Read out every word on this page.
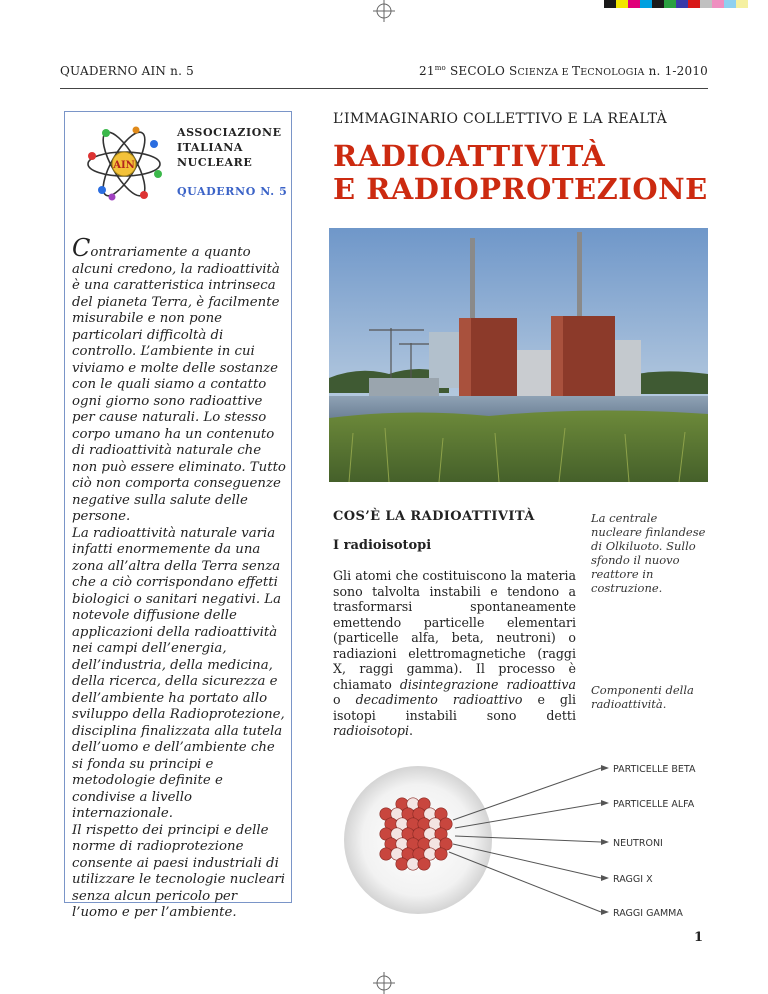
QUADERNO AIN n. 5	$21^{mo}$ SECOLO SCIENZA E TECNOLOGIA n. 1-2010
AIN
ASSOCIAZIONE
ITALIANA
NUCLEARE
QUADERNO N. 5
Contrariamente a quanto alcuni credono, la radioattività è una caratteristica intrinseca del pianeta Terra, è facilmente misurabile e non pone particolari difficoltà di controllo. L’ambiente in cui viviamo e molte delle sostanze con le quali siamo a contatto ogni giorno sono radioattive per cause naturali. Lo stesso corpo umano ha un contenuto di radioattività naturale che non può essere eliminato. Tutto ciò non comporta conseguenze negative sulla salute delle persone.
La radioattività naturale varia infatti enormemente da una zona all’altra della Terra senza che a ciò corrispondano effetti biologici o sanitari negativi. La notevole diffusione delle applicazioni della radioattività nei campi dell’energia, dell’industria, della medicina, della ricerca, della sicurezza e dell’ambiente ha portato allo sviluppo della Radioprotezione, disciplina finalizzata alla tutela dell’uomo e dell’ambiente che si fonda su principi e metodologie definite e condivise a livello internazionale.
Il rispetto dei principi e delle norme di radioprotezione consente ai paesi industriali di utilizzare le tecnologie nucleari senza alcun pericolo per l’uomo e per l’ambiente.
L’IMMAGINARIO COLLETTIVO E LA REALTÀ
RADIOATTIVITÀ
E RADIOPROTEZIONE
COS’È LA RADIOATTIVITÀ
I radioisotopi
Gli atomi che costituiscono la materia sono talvolta instabili e tendono a trasformarsi spontaneamente emettendo particelle elementari (particelle alfa, beta, neutroni) o radiazioni elettromagnetiche (raggi X, raggi gamma). Il processo è chiamato disintegrazione radioattiva o decadimento radioattivo e gli isotopi instabili sono detti radioisotopi.
La centrale nucleare finlandese di Olkiluoto. Sullo sfondo il nuovo reattore in costruzione.
Componenti della radioattività.
PARTICELLE BETA
PARTICELLE ALFA
NEUTRONI
RAGGI X
RAGGI GAMMA
1
